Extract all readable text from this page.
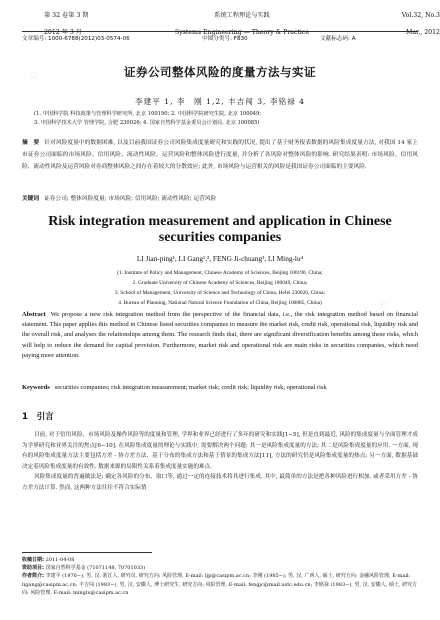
◇
◇
第 32 卷第 3 期	系统工程理论与实践	Vol.32, No.3
2012 年 3 月	Systems Engineering — Theory & Practice	Mar., 2012
文章编号: 1000-6788(2012)03-0574-06	中图分类号: F830	文献标志码: A
证券公司整体风险的度量方法与实证
李建平 1, 李　刚 1,2, 丰吉闯 3, 李铭禄 4
(1. 中国科学院 科技政策与管理科学研究所, 北京 100190; 2. 中国科学院研究生院, 北京 100049;
3. 中国科学技术大学 管理学院, 合肥 230026; 4. 国家自然科学基金委员会计划局, 北京 100085)
摘　要 针对风险度量中的数据困难, 以及目前我国证券公司风险集成度量研究和实践的状况, 提出了基于财务报表数据的风险集成度量方法, 对我国 14 家上市证券公司面临的市场风险、信用风险、流动性风险、运营风险和整体风险进行度量, 并分析了各风险对整体风险的影响. 研究结果表明: 市场风险、信用风险、流动性风险及运营风险对券商整体风险之间存在着较大的分散效应; 此外, 市场风险与运营相关的风险是我国证券公司面临的主要风险.
关键词 证券公司; 整体风险度量; 市场风险; 信用风险; 流动性风险; 运营风险
Risk integration measurement and application in Chinese securities companies
LI Jian-ping¹, LI Gang¹,², FENG Ji-chuang³, LI Ming-lu⁴
(1. Institute of Policy and Management, Chinese Academy of Sciences, Beijing 100190, China;
2. Graduate University of Chinese Academy of Sciences, Beijing 100049, China;
3. School of Management, University of Science and Technology of China, Hefei 230026, China;
4. Bureau of Planning, National Natural Science Foundation of China, Beijing 100085, China)
Abstract We propose a new risk integration method from the perspective of the financial data, i.e., the risk integration method based on financial statement. This paper applies this method in Chinese listed securities companies to measure the market risk, credit risk, operational risk, liquidity risk and the overall risk, and analyses the relationships among them. The research finds that, there are significant diversification benefits among these risks, which will help to reduce the demand for capital provision. Furthermore, market risk and operational risk are main risks in securities companies, which need paying more attention.
Keywords securities companies; risk integration measurement; market risk; credit risk; liquidity risk; operational risk
1　引言

目前, 对于信用风险、市场风险及操作风险等的度量和管理, 学界和业界已经进行了多年的研究和实践[1−5], 但是直到最近, 风险的集成度量与全面管理才成为学界研究和业界关注的焦点[6−10]. 在风险集成度量的理论与实践中, 需要解决两个问题: 其一是风险集成度量的方法; 其二是风险集成度量的应用. 一方面, 现有的风险集成度量方法主要包括方差 - 协方差方法、基于分布的集成方法和基于情景的集成方法[11], 方法的研究仍是风险集成度量的热点; 另一方面, 数据基础决定着风险集成度量的有效性. 数据来源的局限性关系着集成度量实施的难点.

风险集成度量的普遍做法是: 确定各风险的分布、取口等, 通过一定的连接技术将其进行集成. 其中, 最简单的方法是把各种风险进行相加. 或者采用方差 - 协方差方法计算. 然而, 这两种方法往往不符合实际情

收稿日期: 2011-04-08
资助项目: 国家自然科学基金 (71071148, 70701033)
作者简介: 李建平 (1976−), 男, 汉, 浙江人, 研究员, 研究方向: 风险管理, E-mail: ljp@casipm.ac.cn; 李刚 (1985−), 男, 汉, 广西人, 硕士, 研究方向: 金融风险管理, E-mail: ligang@casipm.ac.cn; 丰吉闯 (1983−), 男, 汉, 安徽人, 博士研究生, 研究方向: 风险管理, E-mail: fengjc@mail.ustc.edu.cn; 李铭禄 (1983−), 男, 汉, 安徽人, 硕士, 研究方向: 风险管理, E-mail: minglu@casipm.ac.cn
